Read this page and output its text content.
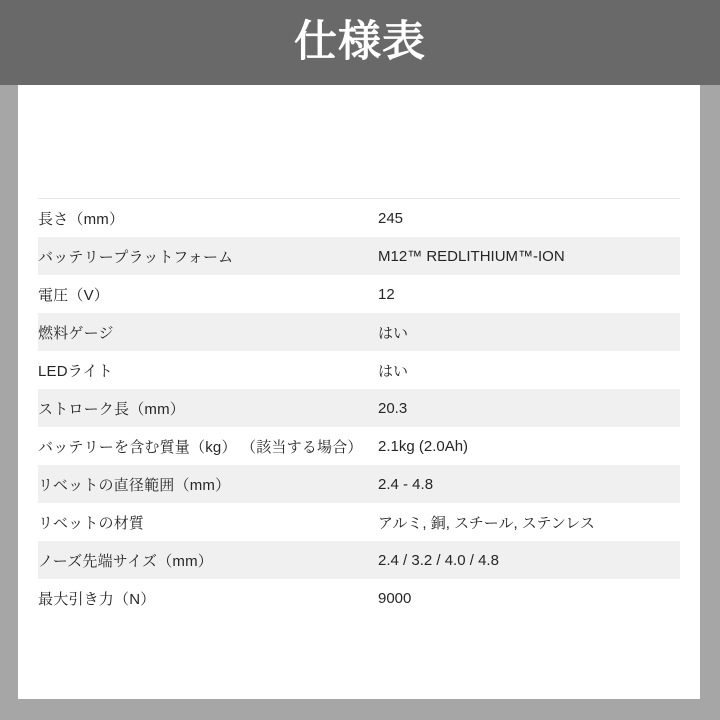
仕様表
長さ（mm）	245
バッテリープラットフォーム	M12™ REDLITHIUM™-ION
電圧（V）	12
燃料ゲージ	はい
LEDライト	はい
ストローク長（mm）	20.3
バッテリーを含む質量（kg） （該当する場合）	2.1kg (2.0Ah)
リベットの直径範囲（mm）	2.4 - 4.8
リベットの材質	アルミ, 銅, スチール, ステンレス
ノーズ先端サイズ（mm）	2.4 / 3.2 / 4.0 / 4.8
最大引き力（N）	9000
